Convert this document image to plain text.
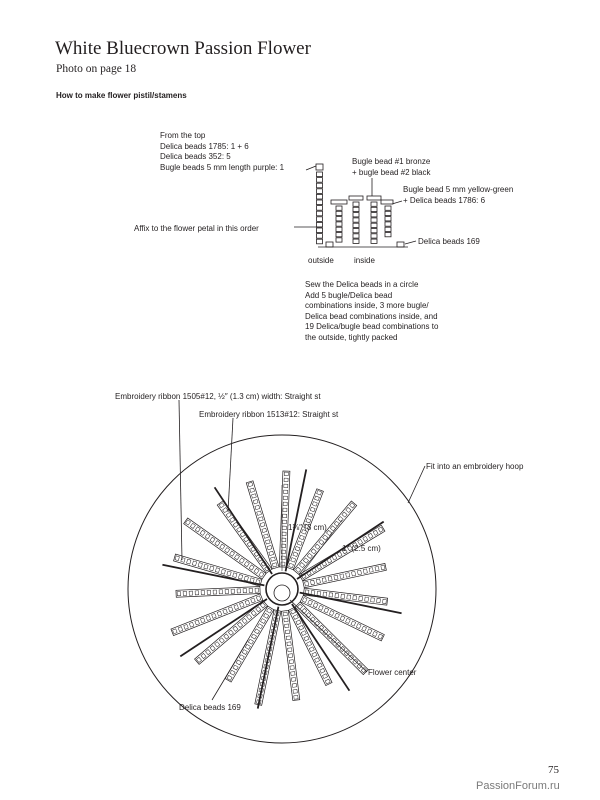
White Bluecrown Passion Flower
Photo on page 18
How to make flower pistil/stamens
From the top
Delica beads 1785: 1 + 6
Delica beads 352: 5
Bugle beads 5 mm length purple: 1
Bugle bead #1 bronze
+ bugle bead #2 black
Bugle bead 5 mm yellow-green
+ Delica beads 1786: 6
Affix to the flower petal in this order
Delica beads 169
outside	inside
Sew the Delica beads in a circle
Add 5 bugle/Delica bead
combinations inside, 3 more bugle/
Delica bead combinations inside, and
19 Delica/bugle bead combinations to
the outside, tightly packed
Embroidery ribbon 1505#12, ½″ (1.3 cm) width: Straight st
Embroidery ribbon 1513#12: Straight st
Fit into an embroidery hoop
1⅛″ (3 cm)
1″ (2.5 cm)
Flower center
Delica beads 169
75
PassionForum.ru
